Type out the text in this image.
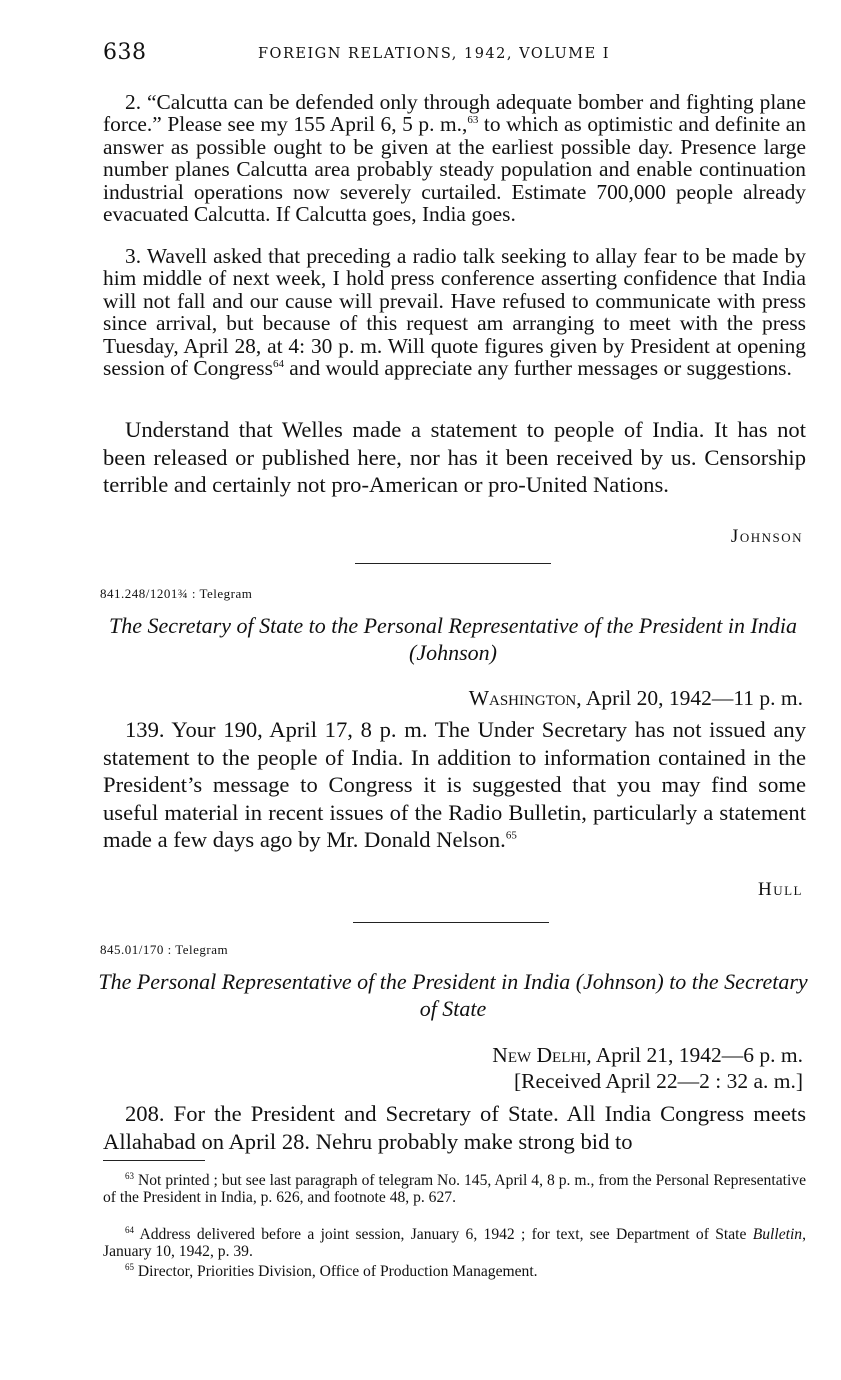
638	FOREIGN RELATIONS, 1942, VOLUME I
2. “Calcutta can be defended only through adequate bomber and fighting plane force.” Please see my 155 April 6, 5 p. m.,$^{63}$ to which as optimistic and definite an answer as possible ought to be given at the earliest possible day. Presence large number planes Calcutta area probably steady population and enable continuation industrial operations now severely curtailed. Estimate 700,000 people already evacuated Calcutta. If Calcutta goes, India goes.
3. Wavell asked that preceding a radio talk seeking to allay fear to be made by him middle of next week, I hold press conference asserting confidence that India will not fall and our cause will prevail. Have refused to communicate with press since arrival, but because of this request am arranging to meet with the press Tuesday, April 28, at 4: 30 p. m. Will quote figures given by President at opening session of Congress$^{64}$ and would appreciate any further messages or suggestions.
Understand that Welles made a statement to people of India. It has not been released or published here, nor has it been received by us. Censorship terrible and certainly not pro-American or pro-United Nations.
Johnson
841.248/1201¾ : Telegram
The Secretary of State to the Personal Representative of the President in India (Johnson)
Washington, April 20, 1942—11 p. m.
139. Your 190, April 17, 8 p. m. The Under Secretary has not issued any statement to the people of India. In addition to information contained in the President’s message to Congress it is suggested that you may find some useful material in recent issues of the Radio Bulletin, particularly a statement made a few days ago by Mr. Donald Nelson.$^{65}$
Hull
845.01/170 : Telegram
The Personal Representative of the President in India (Johnson) to the Secretary of State
New Delhi, April 21, 1942—6 p. m.
[Received April 22—2 : 32 a. m.]
208. For the President and Secretary of State. All India Congress meets Allahabad on April 28. Nehru probably make strong bid to
$^{63}$ Not printed ; but see last paragraph of telegram No. 145, April 4, 8 p. m., from the Personal Representative of the President in India, p. 626, and footnote 48, p. 627.
$^{64}$ Address delivered before a joint session, January 6, 1942 ; for text, see Department of State Bulletin, January 10, 1942, p. 39.
$^{65}$ Director, Priorities Division, Office of Production Management.
